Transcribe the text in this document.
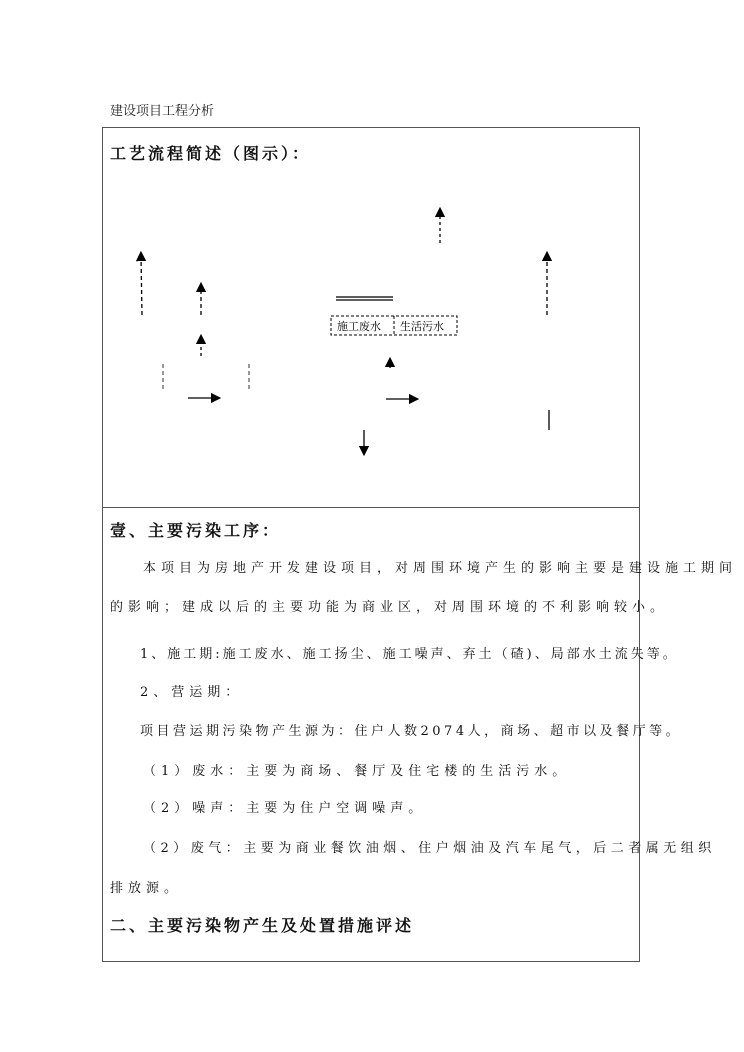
建设项目工程分析
工艺流程简述（图示）：
施工废水 生活污水
壹、主要污染工序：
本项目为房地产开发建设项目，对周围环境产生的影响主要是建设施工期间
的影响；建成以后的主要功能为商业区，对周围环境的不利影响较小。
1、施工期:施工废水、施工扬尘、施工噪声、弃土（碴)、局部水土流失等。
2、营运期：
项目营运期污染物产生源为：住户人数2074人，商场、超市以及餐厅等。
（1）废水：主要为商场、餐厅及住宅楼的生活污水。
（2）噪声：主要为住户空调噪声。
（2）废气：主要为商业餐饮油烟、住户烟油及汽车尾气，后二者属无组织
排放源。
二、主要污染物产生及处置措施评述
